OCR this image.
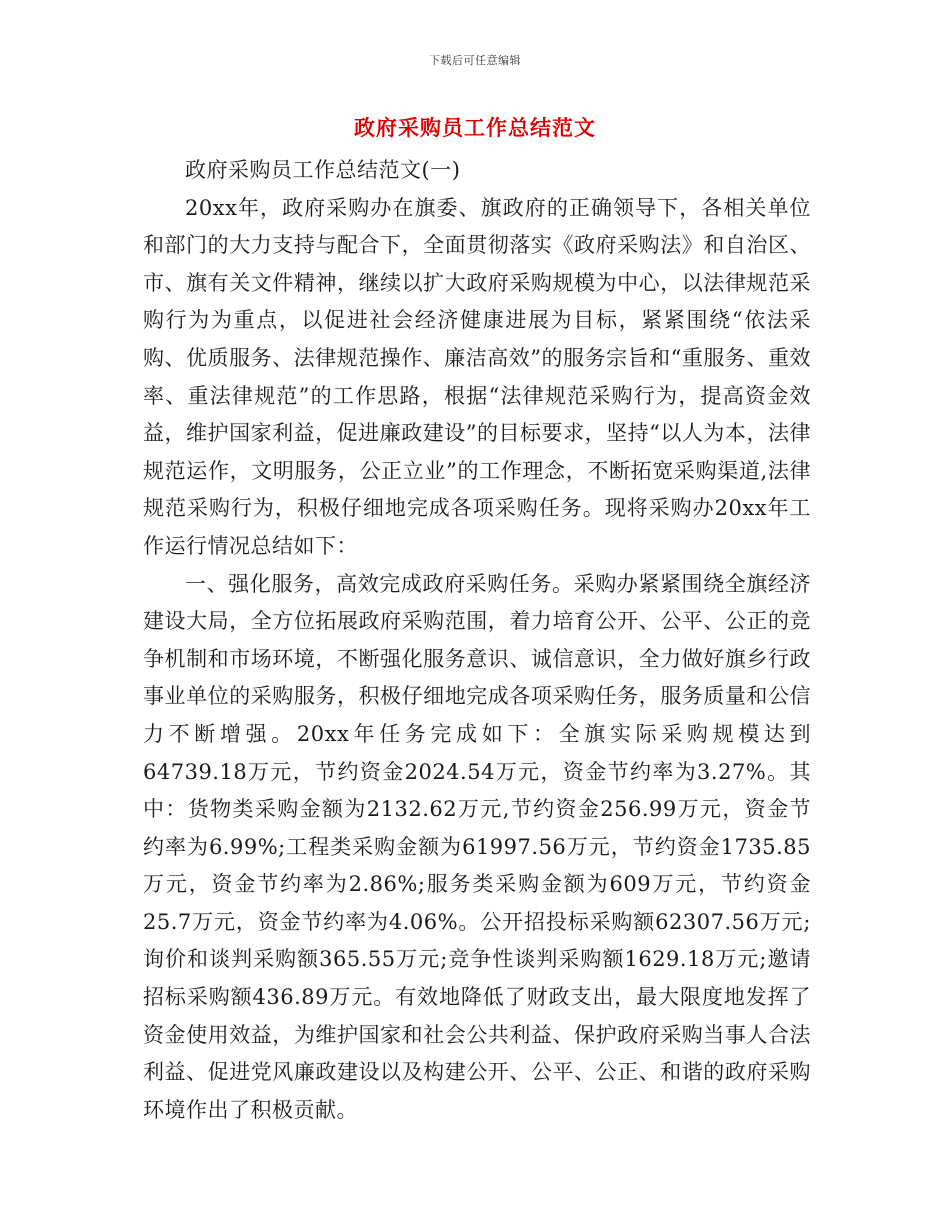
下载后可任意编辑
政府采购员工作总结范文

政府采购员工作总结范文(一)

20xx年，政府采购办在旗委、旗政府的正确领导下，各相关单位和部门的大力支持与配合下，全面贯彻落实《政府采购法》和自治区、市、旗有关文件精神，继续以扩大政府采购规模为中心，以法律规范采购行为为重点，以促进社会经济健康进展为目标，紧紧围绕“依法采购、优质服务、法律规范操作、廉洁高效”的服务宗旨和“重服务、重效率、重法律规范”的工作思路，根据“法律规范采购行为，提高资金效益，维护国家利益，促进廉政建设”的目标要求，坚持“以人为本，法律规范运作，文明服务，公正立业”的工作理念，不断拓宽采购渠道,法律规范采购行为，积极仔细地完成各项采购任务。现将采购办20xx年工作运行情况总结如下：

一、强化服务，高效完成政府采购任务。采购办紧紧围绕全旗经济建设大局，全方位拓展政府采购范围，着力培育公开、公平、公正的竞争机制和市场环境，不断强化服务意识、诚信意识，全力做好旗乡行政事业单位的采购服务，积极仔细地完成各项采购任务，服务质量和公信力不断增强。20xx年任务完成如下：全旗实际采购规模达到64739.18万元，节约资金2024.54万元，资金节约率为3.27%。其中：货物类采购金额为2132.62万元,节约资金256.99万元，资金节约率为6.99%;工程类采购金额为61997.56万元，节约资金1735.85万元，资金节约率为2.86%;服务类采购金额为609万元，节约资金25.7万元，资金节约率为4.06%。公开招投标采购额62307.56万元;询价和谈判采购额365.55万元;竞争性谈判采购额1629.18万元;邀请招标采购额436.89万元。有效地降低了财政支出，最大限度地发挥了资金使用效益，为维护国家和社会公共利益、保护政府采购当事人合法利益、促进党风廉政建设以及构建公开、公平、公正、和谐的政府采购环境作出了积极贡献。
